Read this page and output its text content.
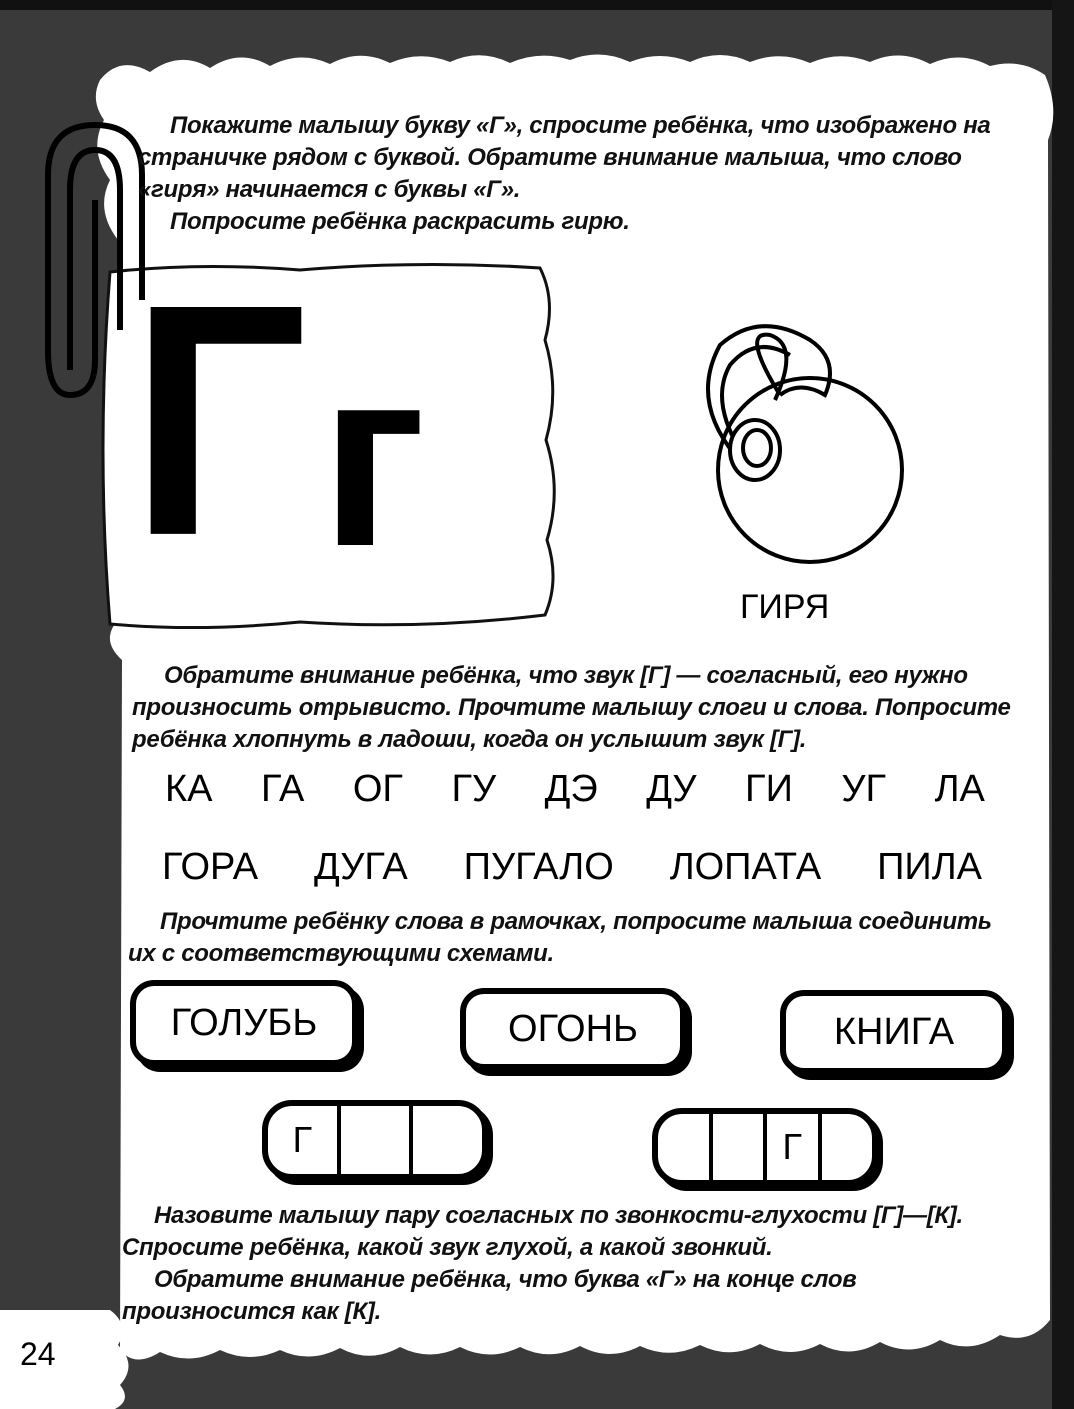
Покажите малышу букву «Г», спросите ребёнка, что изображено на страничке рядом с буквой. Обратите внимание малыша, что слово «гиря» начинается с буквы «Г».

Попросите ребёнка раскрасить гирю.

Г г
ГИРЯ
Обратите внимание ребёнка, что звук [Г] — согласный, его нужно произносить отрывисто. Прочтите малышу слоги и слова. Попросите ребёнка хлопнуть в ладоши, когда он услышит звук [Г].
КА ГА ОГ ГУ ДЭ ДУ ГИ УГ ЛА
ГОРА ДУГА ПУГАЛО ЛОПАТА ПИЛА
Прочтите ребёнку слова в рамочках, попросите малыша соединить их с соответствующими схемами.
ГОЛУБЬ	ОГОНЬ	КНИГА
Г	Г

Назовите малышу пару согласных по звонкости-глухости [Г]—[К]. Спросите ребёнка, какой звук глухой, а какой звонкий.

Обратите внимание ребёнка, что буква «Г» на конце слов произносится как [К].

24
